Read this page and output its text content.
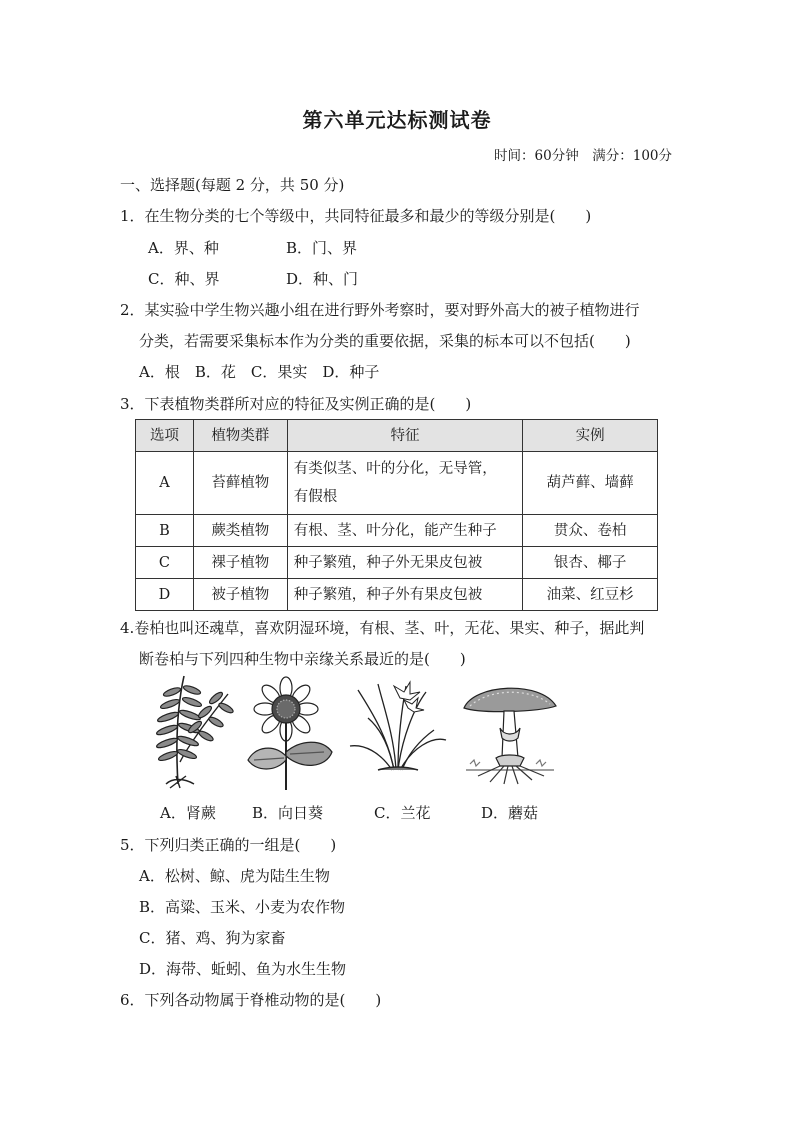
第六单元达标测试卷
时间：60分钟　满分：100分
一、选择题(每题 2 分，共 50 分)
1．在生物分类的七个等级中，共同特征最多和最少的等级分别是(　　)
A．界、种	B．门、界
C．种、界	D．种、门
2．某实验中学生物兴趣小组在进行野外考察时，要对野外高大的被子植物进行
分类，若需要采集标本作为分类的重要依据，采集的标本可以不包括(　　)
A．根　B．花　C．果实　D．种子
3．下表植物类群所对应的特征及实例正确的是(　　)
选项	植物类群	特征	实例
A	苔藓植物	有类似茎、叶的分化，无导管，
有假根	葫芦藓、墙藓
B	蕨类植物	有根、茎、叶分化，能产生种子	贯众、卷柏
C	裸子植物	种子繁殖，种子外无果皮包被	银杏、椰子
D	被子植物	种子繁殖，种子外有果皮包被	油菜、红豆杉
4.卷柏也叫还魂草，喜欢阴湿环境，有根、茎、叶，无花、果实、种子，据此判
断卷柏与下列四种生物中亲缘关系最近的是(　　)
A．肾蕨 B．向日葵	C．兰花	D．蘑菇
5．下列归类正确的一组是(　　)
A．松树、鲸、虎为陆生生物
B．高粱、玉米、小麦为农作物
C．猪、鸡、狗为家畜
D．海带、蚯蚓、鱼为水生生物
6．下列各动物属于脊椎动物的是(　　)
